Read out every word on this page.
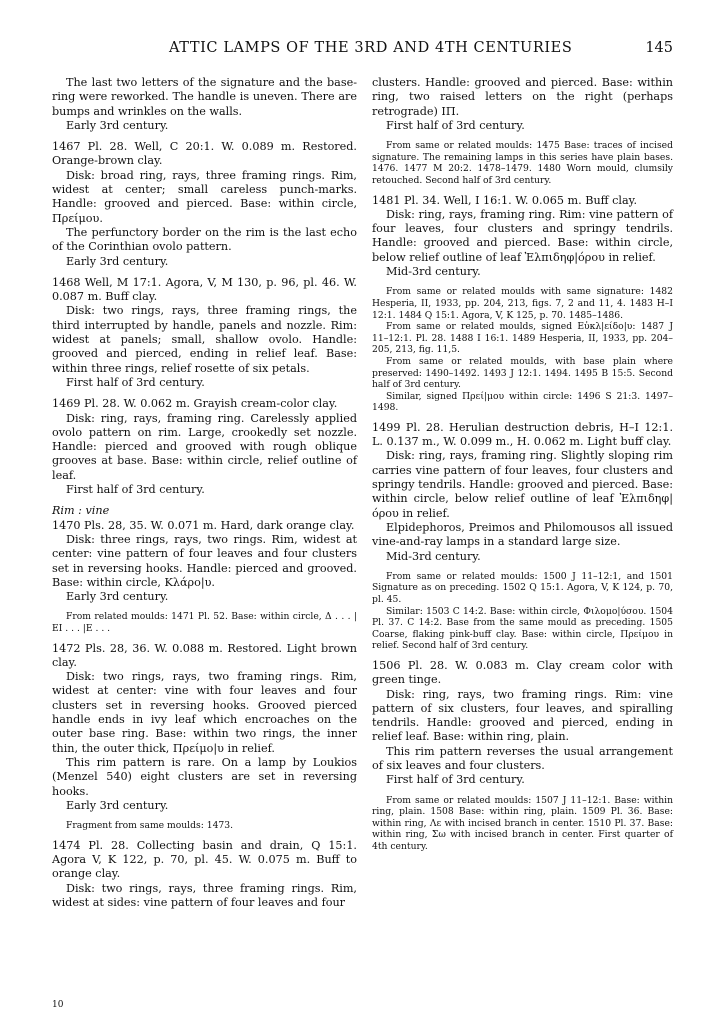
ATTIC LAMPS OF THE 3RD AND 4TH CENTURIES	145

The last two letters of the signature and the base-ring were reworked. The handle is uneven. There are bumps and wrinkles on the walls.

Early 3rd century.

1467 Pl. 28. Well, C 20:1. W. 0.089 m. Restored. Orange-brown clay.

Disk: broad ring, rays, three framing rings. Rim, widest at center; small careless punch-marks. Handle: grooved and pierced. Base: within circle, Πρείμου.

The perfunctory border on the rim is the last echo of the Corinthian ovolo pattern.

Early 3rd century.

1468 Well, M 17:1. Agora, V, M 130, p. 96, pl. 46. W. 0.087 m. Buff clay.

Disk: two rings, rays, three framing rings, the third interrupted by handle, panels and nozzle. Rim: widest at panels; small, shallow ovolo. Handle: grooved and pierced, ending in relief leaf. Base: within three rings, relief rosette of six petals.

First half of 3rd century.

1469 Pl. 28. W. 0.062 m. Grayish cream-color clay.

Disk: ring, rays, framing ring. Carelessly applied ovolo pattern on rim. Large, crookedly set nozzle. Handle: pierced and grooved with rough oblique grooves at base. Base: within circle, relief outline of leaf.

First half of 3rd century.

Rim : vine

1470 Pls. 28, 35. W. 0.071 m. Hard, dark orange clay.

Disk: three rings, rays, two rings. Rim, widest at center: vine pattern of four leaves and four clusters set in reversing hooks. Handle: pierced and grooved. Base: within circle, Κλάρο|υ.

Early 3rd century.

From related moulds: 1471 Pl. 52. Base: within circle, Δ . . . |ΕΙ . . . |Ε . . .

1472 Pls. 28, 36. W. 0.088 m. Restored. Light brown clay.

Disk: two rings, rays, two framing rings. Rim, widest at center: vine with four leaves and four clusters set in reversing hooks. Grooved pierced handle ends in ivy leaf which encroaches on the outer base ring. Base: within two rings, the inner thin, the outer thick, Πρείμο|υ in relief.

This rim pattern is rare. On a lamp by Loukios (Menzel 540) eight clusters are set in reversing hooks.

Early 3rd century.

Fragment from same moulds: 1473.

1474 Pl. 28. Collecting basin and drain, Q 15:1. Agora V, K 122, p. 70, pl. 45. W. 0.075 m. Buff to orange clay.

Disk: two rings, rays, three framing rings. Rim, widest at sides: vine pattern of four leaves and four

clusters. Handle: grooved and pierced. Base: within ring, two raised letters on the right (perhaps retrograde) ΙΠ.

First half of 3rd century.

From same or related moulds: 1475 Base: traces of incised signature. The remaining lamps in this series have plain bases. 1476. 1477 M 20:2. 1478–1479. 1480 Worn mould, clumsily retouched. Second half of 3rd century.

1481 Pl. 34. Well, I 16:1. W. 0.065 m. Buff clay.

Disk: ring, rays, framing ring. Rim: vine pattern of four leaves, four clusters and springy tendrils. Handle: grooved and pierced. Base: within circle, below relief outline of leaf Ἐλπιδηφ|όρου in relief.

Mid-3rd century.

From same or related moulds with same signature: 1482 Hesperia, II, 1933, pp. 204, 213, figs. 7, 2 and 11, 4. 1483 H–I 12:1. 1484 Q 15:1. Agora, V, K 125, p. 70. 1485–1486.

From same or related moulds, signed Εὐκλ|είδο|υ: 1487 J 11–12:1. Pl. 28. 1488 I 16:1. 1489 Hesperia, II, 1933, pp. 204–205, 213, fig. 11,5.

From same or related moulds, with base plain where preserved: 1490–1492. 1493 J 12:1. 1494. 1495 B 15:5. Second half of 3rd century.

Similar, signed Πρεί|μου within circle: 1496 S 21:3. 1497–1498.

1499 Pl. 28. Herulian destruction debris, H–I 12:1. L. 0.137 m., W. 0.099 m., H. 0.062 m. Light buff clay.

Disk: ring, rays, framing ring. Slightly sloping rim carries vine pattern of four leaves, four clusters and springy tendrils. Handle: grooved and pierced. Base: within circle, below relief outline of leaf Ἐλπιδηφ|όρου in relief.

Elpidephoros, Preimos and Philomousos all issued vine-and-ray lamps in a standard large size.

Mid-3rd century.

From same or related moulds: 1500 J 11–12:1, and 1501 Signature as on preceding. 1502 Q 15:1. Agora, V, K 124, p. 70, pl. 45.

Similar: 1503 C 14:2. Base: within circle, Φιλομο|ύσου. 1504 Pl. 37. C 14:2. Base from the same mould as preceding. 1505 Coarse, flaking pink-buff clay. Base: within circle, Πρείμου in relief. Second half of 3rd century.

1506 Pl. 28. W. 0.083 m. Clay cream color with green tinge.

Disk: ring, rays, two framing rings. Rim: vine pattern of six clusters, four leaves, and spiralling tendrils. Handle: grooved and pierced, ending in relief leaf. Base: within ring, plain.

This rim pattern reverses the usual arrangement of six leaves and four clusters.

First half of 3rd century.

From same or related moulds: 1507 J 11–12:1. Base: within ring, plain. 1508 Base: within ring, plain. 1509 Pl. 36. Base: within ring, Λε with incised branch in center. 1510 Pl. 37. Base: within ring, Σω with incised branch in center. First quarter of 4th century.

10
